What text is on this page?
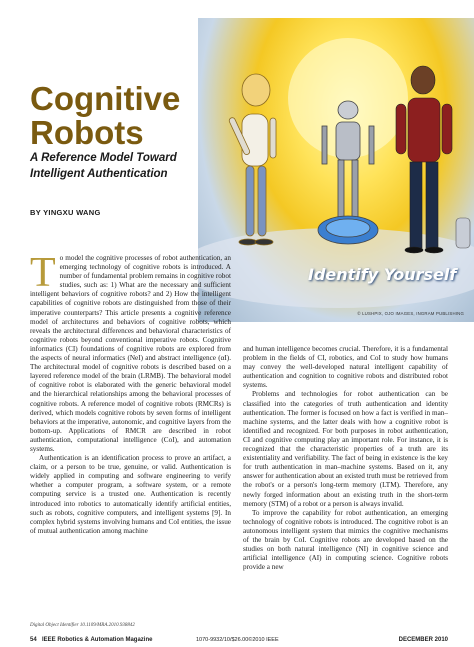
Identify Yourself
© LUSHPIX, OJO IMAGES, INGRAM PUBLISHING
Cognitive
Robots

A Reference Model Toward Intelligent Authentication

BY YINGXU WANG

To model the cognitive processes of robot authentication, an emerging technology of cognitive robots is introduced. A number of fundamental problem remains in cognitive robot studies, such as: 1) What are the necessary and sufficient intelligent behaviors of cognitive robots? and 2) How the intelligent capabilities of cognitive robots are distinguished from those of their imperative counterparts? This article presents a cognitive reference model of architectures and behaviors of cognitive robots, which reveals the architectural differences and behavioral characteristics of cognitive robots beyond conventional imperative robots. Cognitive informatics (CI) foundations of cognitive robots are explored from the aspects of neural informatics (NeI) and abstract intelligence (αI). The architectural model of cognitive robots is described based on a layered reference model of the brain (LRMB). The behavioral model of cognitive robot is elaborated with the generic behavioral model and the hierarchical relationships among the behavioral processes of cognitive robots. A reference model of cognitive robots (RMCRs) is derived, which models cognitive robots by seven forms of intelligent behaviors at the imperative, autonomic, and cognitive layers from the bottom-up. Applications of RMCR are described in robot authentication, computational intelligence (CoI), and automation systems.

Authentication is an identification process to prove an artifact, a claim, or a person to be true, genuine, or valid. Authentication is widely applied in computing and software engineering to verify whether a computer program, a software system, or a remote computing service is a trusted one. Authentication is recently introduced into robotics to automatically identify artificial entities, such as robots, cognitive computers, and intelligent systems [9]. In complex hybrid systems involving humans and CoI entities, the issue of mutual authentication among machine

and human intelligence becomes crucial. Therefore, it is a fundamental problem in the fields of CI, robotics, and CoI to study how humans may convey the well-developed natural intelligent capability of authentication and cognition to cognitive robots and distributed robot systems.

Problems and technologies for robot authentication can be classified into the categories of truth authentication and identity authentication. The former is focused on how a fact is verified in man–machine systems, and the latter deals with how a cognitive robot is identified and recognized. For both purposes in robot authentication, CI and cognitive computing play an important role. For instance, it is recognized that the characteristic properties of a truth are its existentiality and verifiability. The fact of being in existence is the key for truth authentication in man–machine systems. Based on it, any answer for authentication about an existed truth must be retrieved from the robot's or a person's long-term memory (LTM). Therefore, any newly forged information about an existing truth in the short-term memory (STM) of a robot or a person is always invalid.

To improve the capability for robot authentication, an emerging technology of cognitive robots is introduced. The cognitive robot is an autonomous intelligent system that mimics the cognitive mechanisms of the brain by CoI. Cognitive robots are developed based on the studies on both natural intelligence (NI) in cognitive science and artificial intelligence (AI) in computing science. Cognitive robots provide a new

Digital Object Identifier 10.1109/MRA.2010.938842
54 IEEE Robotics & Automation Magazine	1070-9932/10/$26.00©2010 IEEE	DECEMBER 2010
